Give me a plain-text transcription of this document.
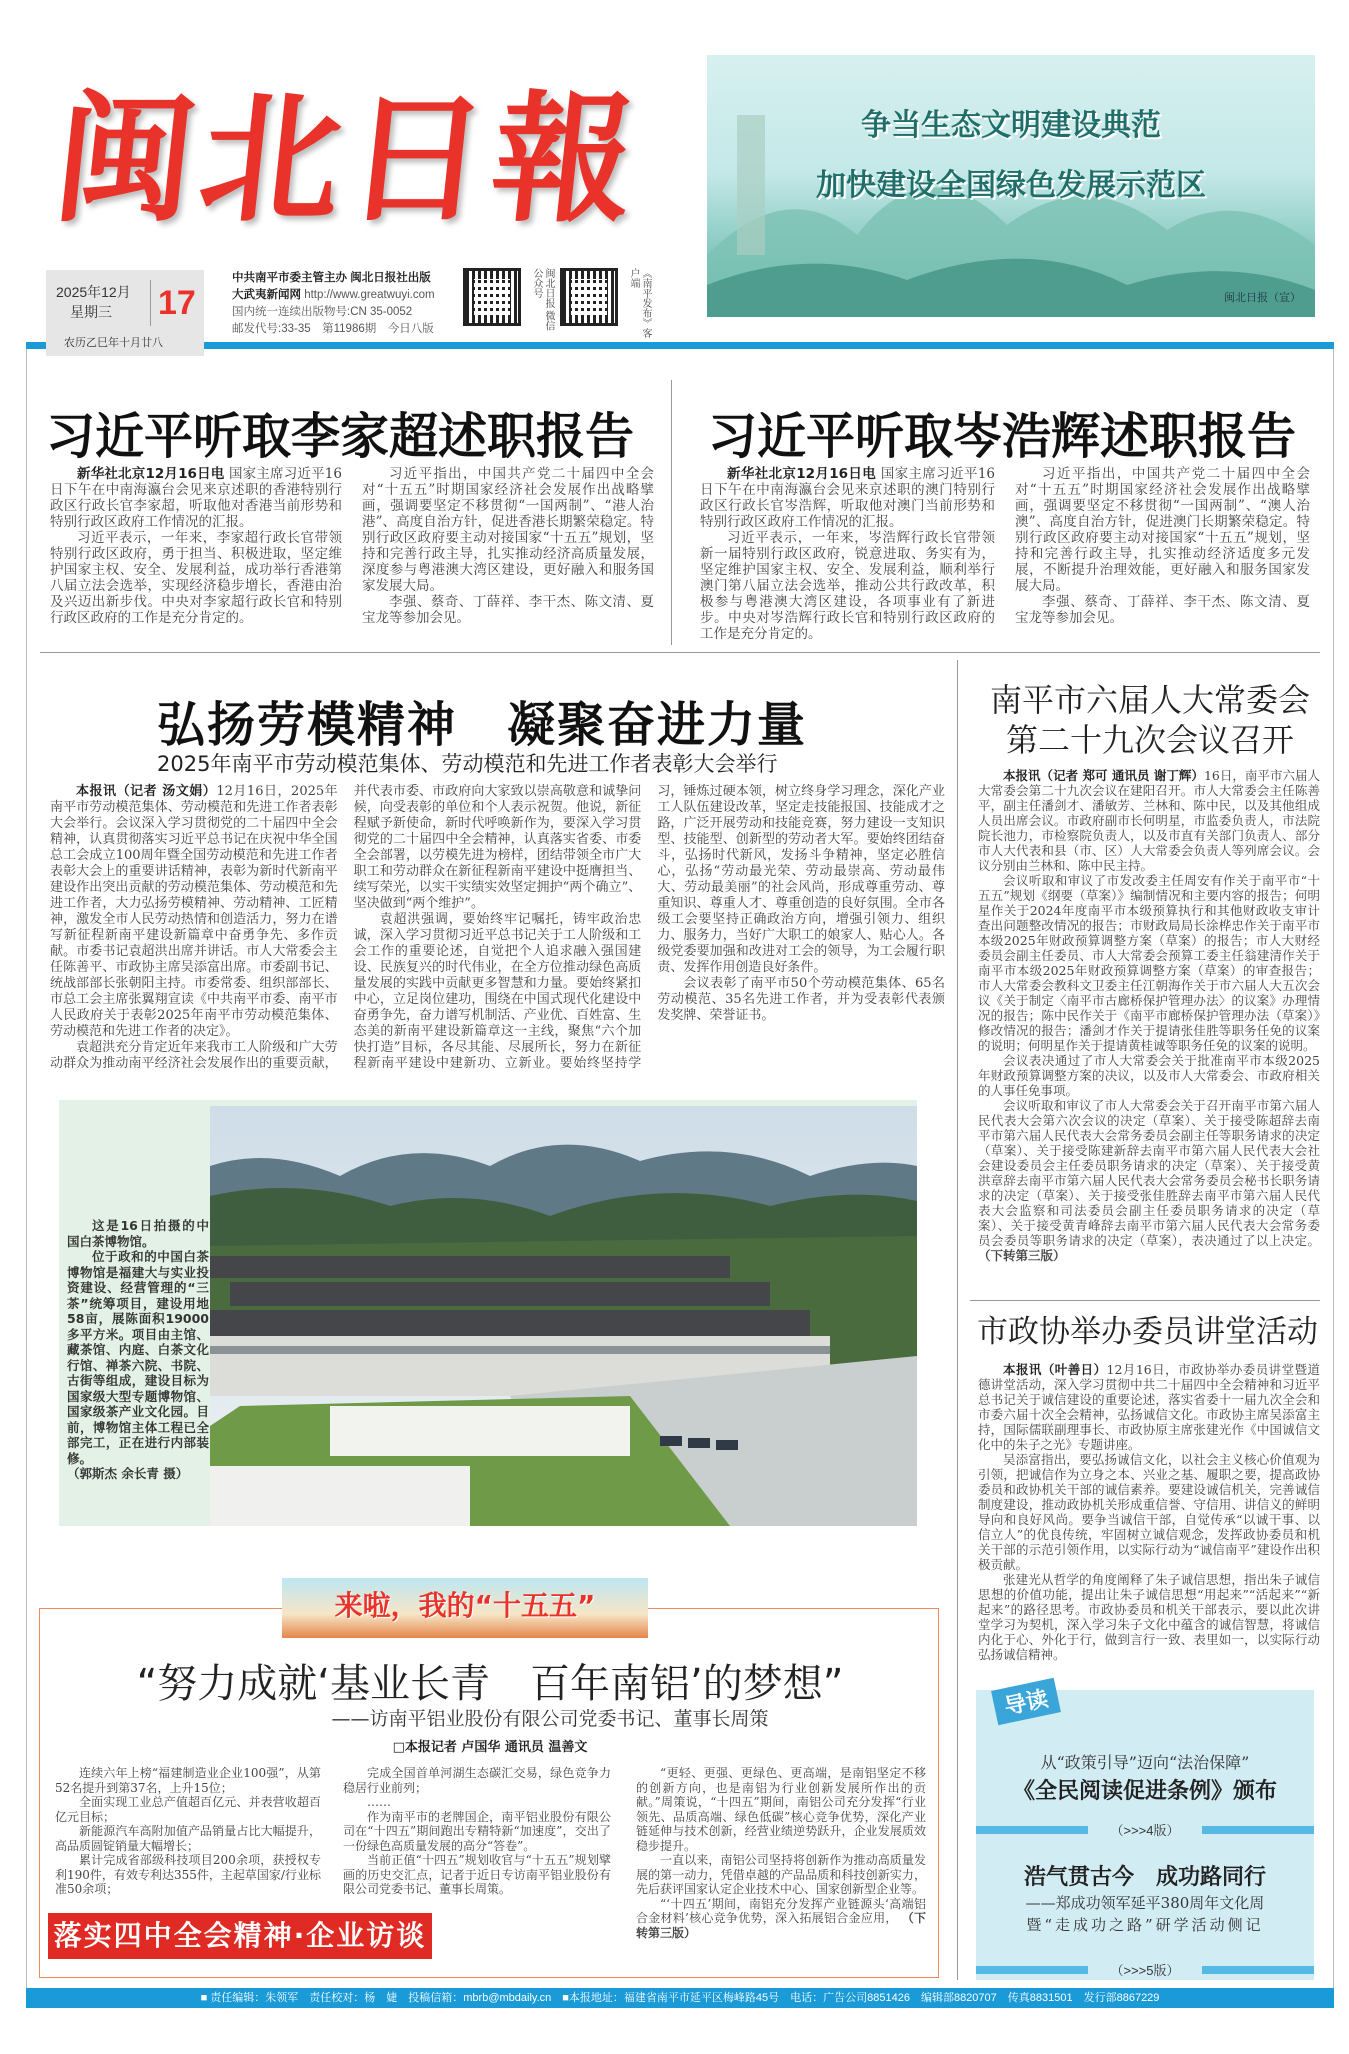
闽北日報
2025年12月
星期三 17
农历乙巳年十月廿八
中共南平市委主管主办 闽北日报社出版
大武夷新闻网 http://www.greatwuyi.com
国内统一连续出版物号:CN 35-0052
邮发代号:33-35　第11986期　今日八版	闽北日报 微信公众号	《南平发布》客户端
争当生态文明建设典范
加快建设全国绿色发展示范区
闽北日报（宣）
习近平听取李家超述职报告

新华社北京12月16日电 国家主席习近平16日下午在中南海瀛台会见来京述职的香港特别行政区行政长官李家超，听取他对香港当前形势和特别行政区政府工作情况的汇报。

习近平表示，一年来，李家超行政长官带领特别行政区政府，勇于担当、积极进取，坚定维护国家主权、安全、发展利益，成功举行香港第八届立法会选举，实现经济稳步增长，香港由治及兴迈出新步伐。中央对李家超行政长官和特别行政区政府的工作是充分肯定的。

习近平指出，中国共产党二十届四中全会对“十五五”时期国家经济社会发展作出战略擘画，强调要坚定不移贯彻“一国两制”、“港人治港”、高度自治方针，促进香港长期繁荣稳定。特别行政区政府要主动对接国家“十五五”规划，坚持和完善行政主导，扎实推动经济高质量发展，深度参与粤港澳大湾区建设，更好融入和服务国家发展大局。

李强、蔡奇、丁薛祥、李干杰、陈文清、夏宝龙等参加会见。

习近平听取岑浩辉述职报告

新华社北京12月16日电 国家主席习近平16日下午在中南海瀛台会见来京述职的澳门特别行政区行政长官岑浩辉，听取他对澳门当前形势和特别行政区政府工作情况的汇报。

习近平表示，一年来，岑浩辉行政长官带领新一届特别行政区政府，锐意进取、务实有为，坚定维护国家主权、安全、发展利益，顺利举行澳门第八届立法会选举，推动公共行政改革，积极参与粤港澳大湾区建设，各项事业有了新进步。中央对岑浩辉行政长官和特别行政区政府的工作是充分肯定的。

习近平指出，中国共产党二十届四中全会对“十五五”时期国家经济社会发展作出战略擘画，强调要坚定不移贯彻“一国两制”、“澳人治澳”、高度自治方针，促进澳门长期繁荣稳定。特别行政区政府要主动对接国家“十五五”规划，坚持和完善行政主导，扎实推动经济适度多元发展，不断提升治理效能，更好融入和服务国家发展大局。

李强、蔡奇、丁薛祥、李干杰、陈文清、夏宝龙等参加会见。

弘扬劳模精神　凝聚奋进力量
2025年南平市劳动模范集体、劳动模范和先进工作者表彰大会举行

本报讯（记者 汤文娟）12月16日，2025年南平市劳动模范集体、劳动模范和先进工作者表彰大会举行。会议深入学习贯彻党的二十届四中全会精神，认真贯彻落实习近平总书记在庆祝中华全国总工会成立100周年暨全国劳动模范和先进工作者表彰大会上的重要讲话精神，表彰为新时代新南平建设作出突出贡献的劳动模范集体、劳动模范和先进工作者，大力弘扬劳模精神、劳动精神、工匠精神，激发全市人民劳动热情和创造活力，努力在谱写新征程新南平建设新篇章中奋勇争先、多作贡献。市委书记袁超洪出席并讲话。市人大常委会主任陈善平、市政协主席吴添富出席。市委副书记、统战部部长张朝阳主持。市委常委、组织部部长、市总工会主席张翼翔宣读《中共南平市委、南平市人民政府关于表彰2025年南平市劳动模范集体、劳动模范和先进工作者的决定》。

袁超洪充分肯定近年来我市工人阶级和广大劳动群众为推动南平经济社会发展作出的重要贡献，并代表市委、市政府向大家致以崇高敬意和诚挚问候，向受表彰的单位和个人表示祝贺。他说，新征程赋予新使命，新时代呼唤新作为，要深入学习贯彻党的二十届四中全会精神，认真落实省委、市委全会部署，以劳模先进为榜样，团结带领全市广大职工和劳动群众在新征程新南平建设中挺膺担当、续写荣光，以实干实绩实效坚定拥护“两个确立”、坚决做到“两个维护”。

袁超洪强调，要始终牢记嘱托，铸牢政治忠诚，深入学习贯彻习近平总书记关于工人阶级和工会工作的重要论述，自觉把个人追求融入强国建设、民族复兴的时代伟业，在全方位推动绿色高质量发展的实践中贡献更多智慧和力量。要始终紧扣中心，立足岗位建功，围绕在中国式现代化建设中奋勇争先，奋力谱写机制活、产业优、百姓富、生态美的新南平建设新篇章这一主线，聚焦“六个加快打造”目标，各尽其能、尽展所长，努力在新征程新南平建设中建新功、立新业。要始终坚持学习，锤炼过硬本领，树立终身学习理念，深化产业工人队伍建设改革，坚定走技能报国、技能成才之路，广泛开展劳动和技能竞赛，努力建设一支知识型、技能型、创新型的劳动者大军。要始终团结奋斗，弘扬时代新风，发扬斗争精神，坚定必胜信心，弘扬“劳动最光荣、劳动最崇高、劳动最伟大、劳动最美丽”的社会风尚，形成尊重劳动、尊重知识、尊重人才、尊重创造的良好氛围。全市各级工会要坚持正确政治方向，增强引领力、组织力、服务力，当好广大职工的娘家人、贴心人。各级党委要加强和改进对工会的领导，为工会履行职责、发挥作用创造良好条件。

会议表彰了南平市50个劳动模范集体、65名劳动模范、35名先进工作者，并为受表彰代表颁发奖牌、荣誉证书。

这是16日拍摄的中国白茶博物馆。

位于政和的中国白茶博物馆是福建大与实业投资建设、经营管理的“三茶”统筹项目，建设用地58亩，展陈面积19000多平方米。项目由主馆、藏茶馆、内庭、白茶文化行馆、禅茶六院、书院、古街等组成，建设目标为国家级大型专题博物馆、国家级茶产业文化园。目前，博物馆主体工程已全部完工，正在进行内部装修。

（郭斯杰 余长青 摄）
南平市六届人大常委会
第二十九次会议召开

本报讯（记者 郑可 通讯员 谢丁辉）16日，南平市六届人大常委会第二十九次会议在建阳召开。市人大常委会主任陈善平，副主任潘剑才、潘敏芳、兰林和、陈中民，以及其他组成人员出席会议。市政府副市长何明星，市监委负责人，市法院院长池力，市检察院负责人，以及市直有关部门负责人、部分市人大代表和县（市、区）人大常委会负责人等列席会议。会议分别由兰林和、陈中民主持。

会议听取和审议了市发改委主任周安有作关于南平市“十五五”规划《纲要（草案）》编制情况和主要内容的报告；何明星作关于2024年度南平市本级预算执行和其他财政收支审计查出问题整改情况的报告；市财政局局长涂桦忠作关于南平市本级2025年财政预算调整方案（草案）的报告；市人大财经委员会副主任委员、市人大常委会预算工委主任翁建清作关于南平市本级2025年财政预算调整方案（草案）的审查报告；市人大常委会教科文卫委主任江朝海作关于市六届人大五次会议《关于制定〈南平市古廊桥保护管理办法〉的议案》办理情况的报告；陈中民作关于《南平市廊桥保护管理办法（草案）》修改情况的报告；潘剑才作关于提请张佳胜等职务任免的议案的说明；何明星作关于提请黄桂诚等职务任免的议案的说明。

会议表决通过了市人大常委会关于批准南平市本级2025年财政预算调整方案的决议，以及市人大常委会、市政府相关的人事任免事项。

会议听取和审议了市人大常委会关于召开南平市第六届人民代表大会第六次会议的决定（草案）、关于接受陈超辞去南平市第六届人民代表大会常务委员会副主任等职务请求的决定（草案）、关于接受陈建新辞去南平市第六届人民代表大会社会建设委员会主任委员职务请求的决定（草案）、关于接受黄洪章辞去南平市第六届人民代表大会常务委员会秘书长职务请求的决定（草案）、关于接受张佳胜辞去南平市第六届人民代表大会监察和司法委员会副主任委员职务请求的决定（草案）、关于接受黄青峰辞去南平市第六届人民代表大会常务委员会委员等职务请求的决定（草案），表决通过了以上决定。 （下转第三版）

市政协举办委员讲堂活动

本报讯（叶善日）12月16日，市政协举办委员讲堂暨道德讲堂活动，深入学习贯彻中共二十届四中全会精神和习近平总书记关于诚信建设的重要论述，落实省委十一届九次全会和市委六届十次全会精神，弘扬诚信文化。市政协主席吴添富主持，国际儒联副理事长、市政协原主席张建光作《中国诚信文化中的朱子之光》专题讲座。

吴添富指出，要弘扬诚信文化，以社会主义核心价值观为引领，把诚信作为立身之本、兴业之基、履职之要，提高政协委员和政协机关干部的诚信素养。要建设诚信机关，完善诚信制度建设，推动政协机关形成重信誉、守信用、讲信义的鲜明导向和良好风尚。要争当诚信干部，自觉传承“以诚干事、以信立人”的优良传统，牢固树立诚信观念，发挥政协委员和机关干部的示范引领作用，以实际行动为“诚信南平”建设作出积极贡献。

张建光从哲学的角度阐释了朱子诚信思想，指出朱子诚信思想的价值功能，提出让朱子诚信思想“用起来”“活起来”“新起来”的路径思考。市政协委员和机关干部表示，要以此次讲堂学习为契机，深入学习朱子文化中蕴含的诚信智慧，将诚信内化于心、外化于行，做到言行一致、表里如一，以实际行动弘扬诚信精神。

来啦，我的“十五五”
“努力成就‘基业长青　百年南铝’的梦想”
——访南平铝业股份有限公司党委书记、董事长周策
□本报记者 卢国华 通讯员 温善文

连续六年上榜“福建制造业企业100强”，从第52名提升到第37名，上升15位；

全面实现工业总产值超百亿元、并表营收超百亿元目标；

新能源汽车高附加值产品销量占比大幅提升，高品质圆锭销量大幅增长；

累计完成省部级科技项目200余项，获授权专利190件，有效专利达355件，主起草国家/行业标准50余项；

完成全国首单河湖生态碳汇交易，绿色竞争力稳居行业前列；

……

作为南平市的老牌国企，南平铝业股份有限公司在“十四五”期间跑出专精特新“加速度”，交出了一份绿色高质量发展的高分“答卷”。

当前正值“十四五”规划收官与“十五五”规划擘画的历史交汇点，记者于近日专访南平铝业股份有限公司党委书记、董事长周策。

“更轻、更强、更绿色、更高端，是南铝坚定不移的创新方向，也是南铝为行业创新发展所作出的贡献。”周策说，“十四五”期间，南铝公司充分发挥“行业领先、品质高端、绿色低碳”核心竞争优势，深化产业链延伸与技术创新，经营业绩逆势跃升，企业发展质效稳步提升。

一直以来，南铝公司坚持将创新作为推动高质量发展的第一动力，凭借卓越的产品品质和科技创新实力，先后获评国家认定企业技术中心、国家创新型企业等。

“‘十四五’期间，南铝充分发挥产业链源头‘高端铝合金材料’核心竞争优势，深入拓展铝合金应用， （下转第三版）

落实四中全会精神·企业访谈
导读
从“政策引导”迈向“法治保障”
《全民阅读促进条例》颁布
（>>>4版）
浩气贯古今　成功路同行
——郑成功领军延平380周年文化周
暨“走成功之路”研学活动侧记
（>>>5版）
■ 责任编辑：朱领军　责任校对：杨　婕　投稿信箱：mbrb@mbdaily.cn　■本报地址：福建省南平市延平区梅峰路45号　电话：广告公司8851426　编辑部8820707　传真8831501　发行部8867229
